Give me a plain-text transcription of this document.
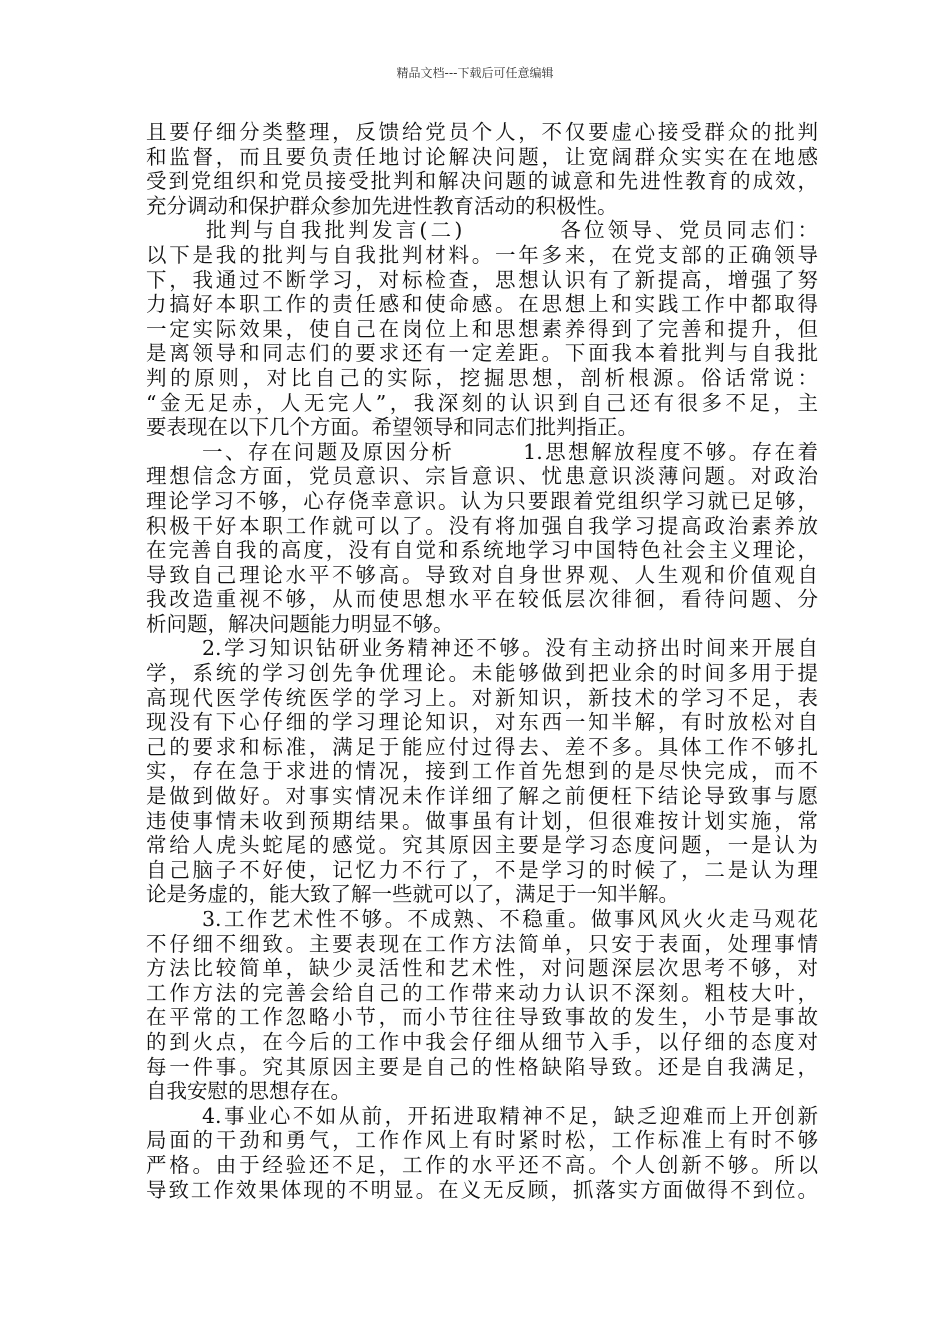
精品文档---下载后可任意编辑
且要仔细分类整理，反馈给党员个人，不仅要虚心接受群众的批判
和监督，而且要负责任地讨论解决问题，让宽阔群众实实在在地感
受到党组织和党员接受批判和解决问题的诚意和先进性教育的成效，
充分调动和保护群众参加先进性教育活动的积极性。
批判与自我批判发言(二)　　　　各位领导、党员同志们：
以下是我的批判与自我批判材料。一年多来，在党支部的正确领导
下，我通过不断学习，对标检查，思想认识有了新提高，增强了努
力搞好本职工作的责任感和使命感。在思想上和实践工作中都取得
一定实际效果，使自己在岗位上和思想素养得到了完善和提升，但
是离领导和同志们的要求还有一定差距。下面我本着批判与自我批
判的原则，对比自己的实际，挖掘思想，剖析根源。俗话常说：
“金无足赤，人无完人”，我深刻的认识到自己还有很多不足，主
要表现在以下几个方面。希望领导和同志们批判指正。
一、存在问题及原因分析　　　1.思想解放程度不够。存在着
理想信念方面，党员意识、宗旨意识、忧患意识淡薄问题。对政治
理论学习不够，心存侥幸意识。认为只要跟着党组织学习就已足够，
积极干好本职工作就可以了。没有将加强自我学习提高政治素养放
在完善自我的高度，没有自觉和系统地学习中国特色社会主义理论，
导致自己理论水平不够高。导致对自身世界观、人生观和价值观自
我改造重视不够，从而使思想水平在较低层次徘徊，看待问题、分
析问题，解决问题能力明显不够。
2.学习知识钻研业务精神还不够。没有主动挤出时间来开展自
学，系统的学习创先争优理论。未能够做到把业余的时间多用于提
高现代医学传统医学的学习上。对新知识，新技术的学习不足，表
现没有下心仔细的学习理论知识，对东西一知半解，有时放松对自
己的要求和标准，满足于能应付过得去、差不多。具体工作不够扎
实，存在急于求进的情况，接到工作首先想到的是尽快完成，而不
是做到做好。对事实情况未作详细了解之前便枉下结论导致事与愿
违使事情未收到预期结果。做事虽有计划，但很难按计划实施，常
常给人虎头蛇尾的感觉。究其原因主要是学习态度问题，一是认为
自己脑子不好使，记忆力不行了，不是学习的时候了，二是认为理
论是务虚的，能大致了解一些就可以了，满足于一知半解。
3.工作艺术性不够。不成熟、不稳重。做事风风火火走马观花
不仔细不细致。主要表现在工作方法简单，只安于表面，处理事情
方法比较简单，缺少灵活性和艺术性，对问题深层次思考不够，对
工作方法的完善会给自己的工作带来动力认识不深刻。粗枝大叶，
在平常的工作忽略小节，而小节往往导致事故的发生，小节是事故
的到火点，在今后的工作中我会仔细从细节入手，以仔细的态度对
每一件事。究其原因主要是自己的性格缺陷导致。还是自我满足，
自我安慰的思想存在。
4.事业心不如从前，开拓进取精神不足，缺乏迎难而上开创新
局面的干劲和勇气，工作作风上有时紧时松，工作标准上有时不够
严格。由于经验还不足，工作的水平还不高。个人创新不够。所以
导致工作效果体现的不明显。在义无反顾，抓落实方面做得不到位。
